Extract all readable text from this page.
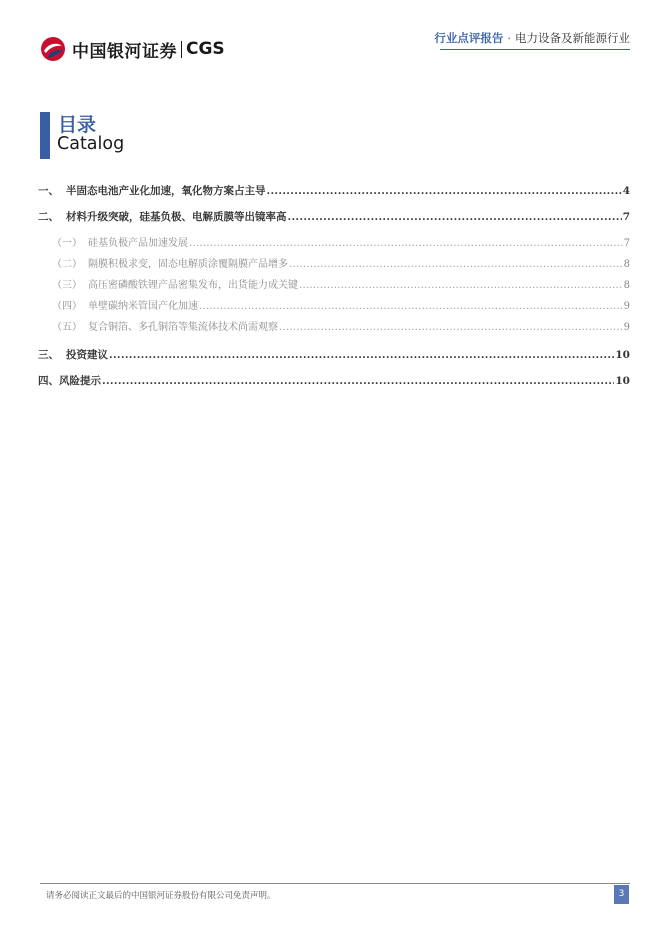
中国银河证券 CGS
行业点评报告 · 电力设备及新能源行业
目录
Catalog
一、 半固态电池产业化加速，氧化物方案占主导 .....	4
二、 材料升级突破，硅基负极、电解质膜等出镜率高 .....	7
（一） 硅基负极产品加速发展 .....	7
（二） 隔膜积极求变，固态电解质涂覆隔膜产品增多 .....	8
（三） 高压密磷酸铁锂产品密集发布，出货能力成关键 .....	8
（四） 单壁碳纳米管国产化加速 .....	9
（五） 复合铜箔、多孔铜箔等集流体技术尚需观察 .....	9
三、 投资建议 .....	10
四、 风险提示 .....	10
请务必阅读正文最后的中国银河证券股份有限公司免责声明。	3
